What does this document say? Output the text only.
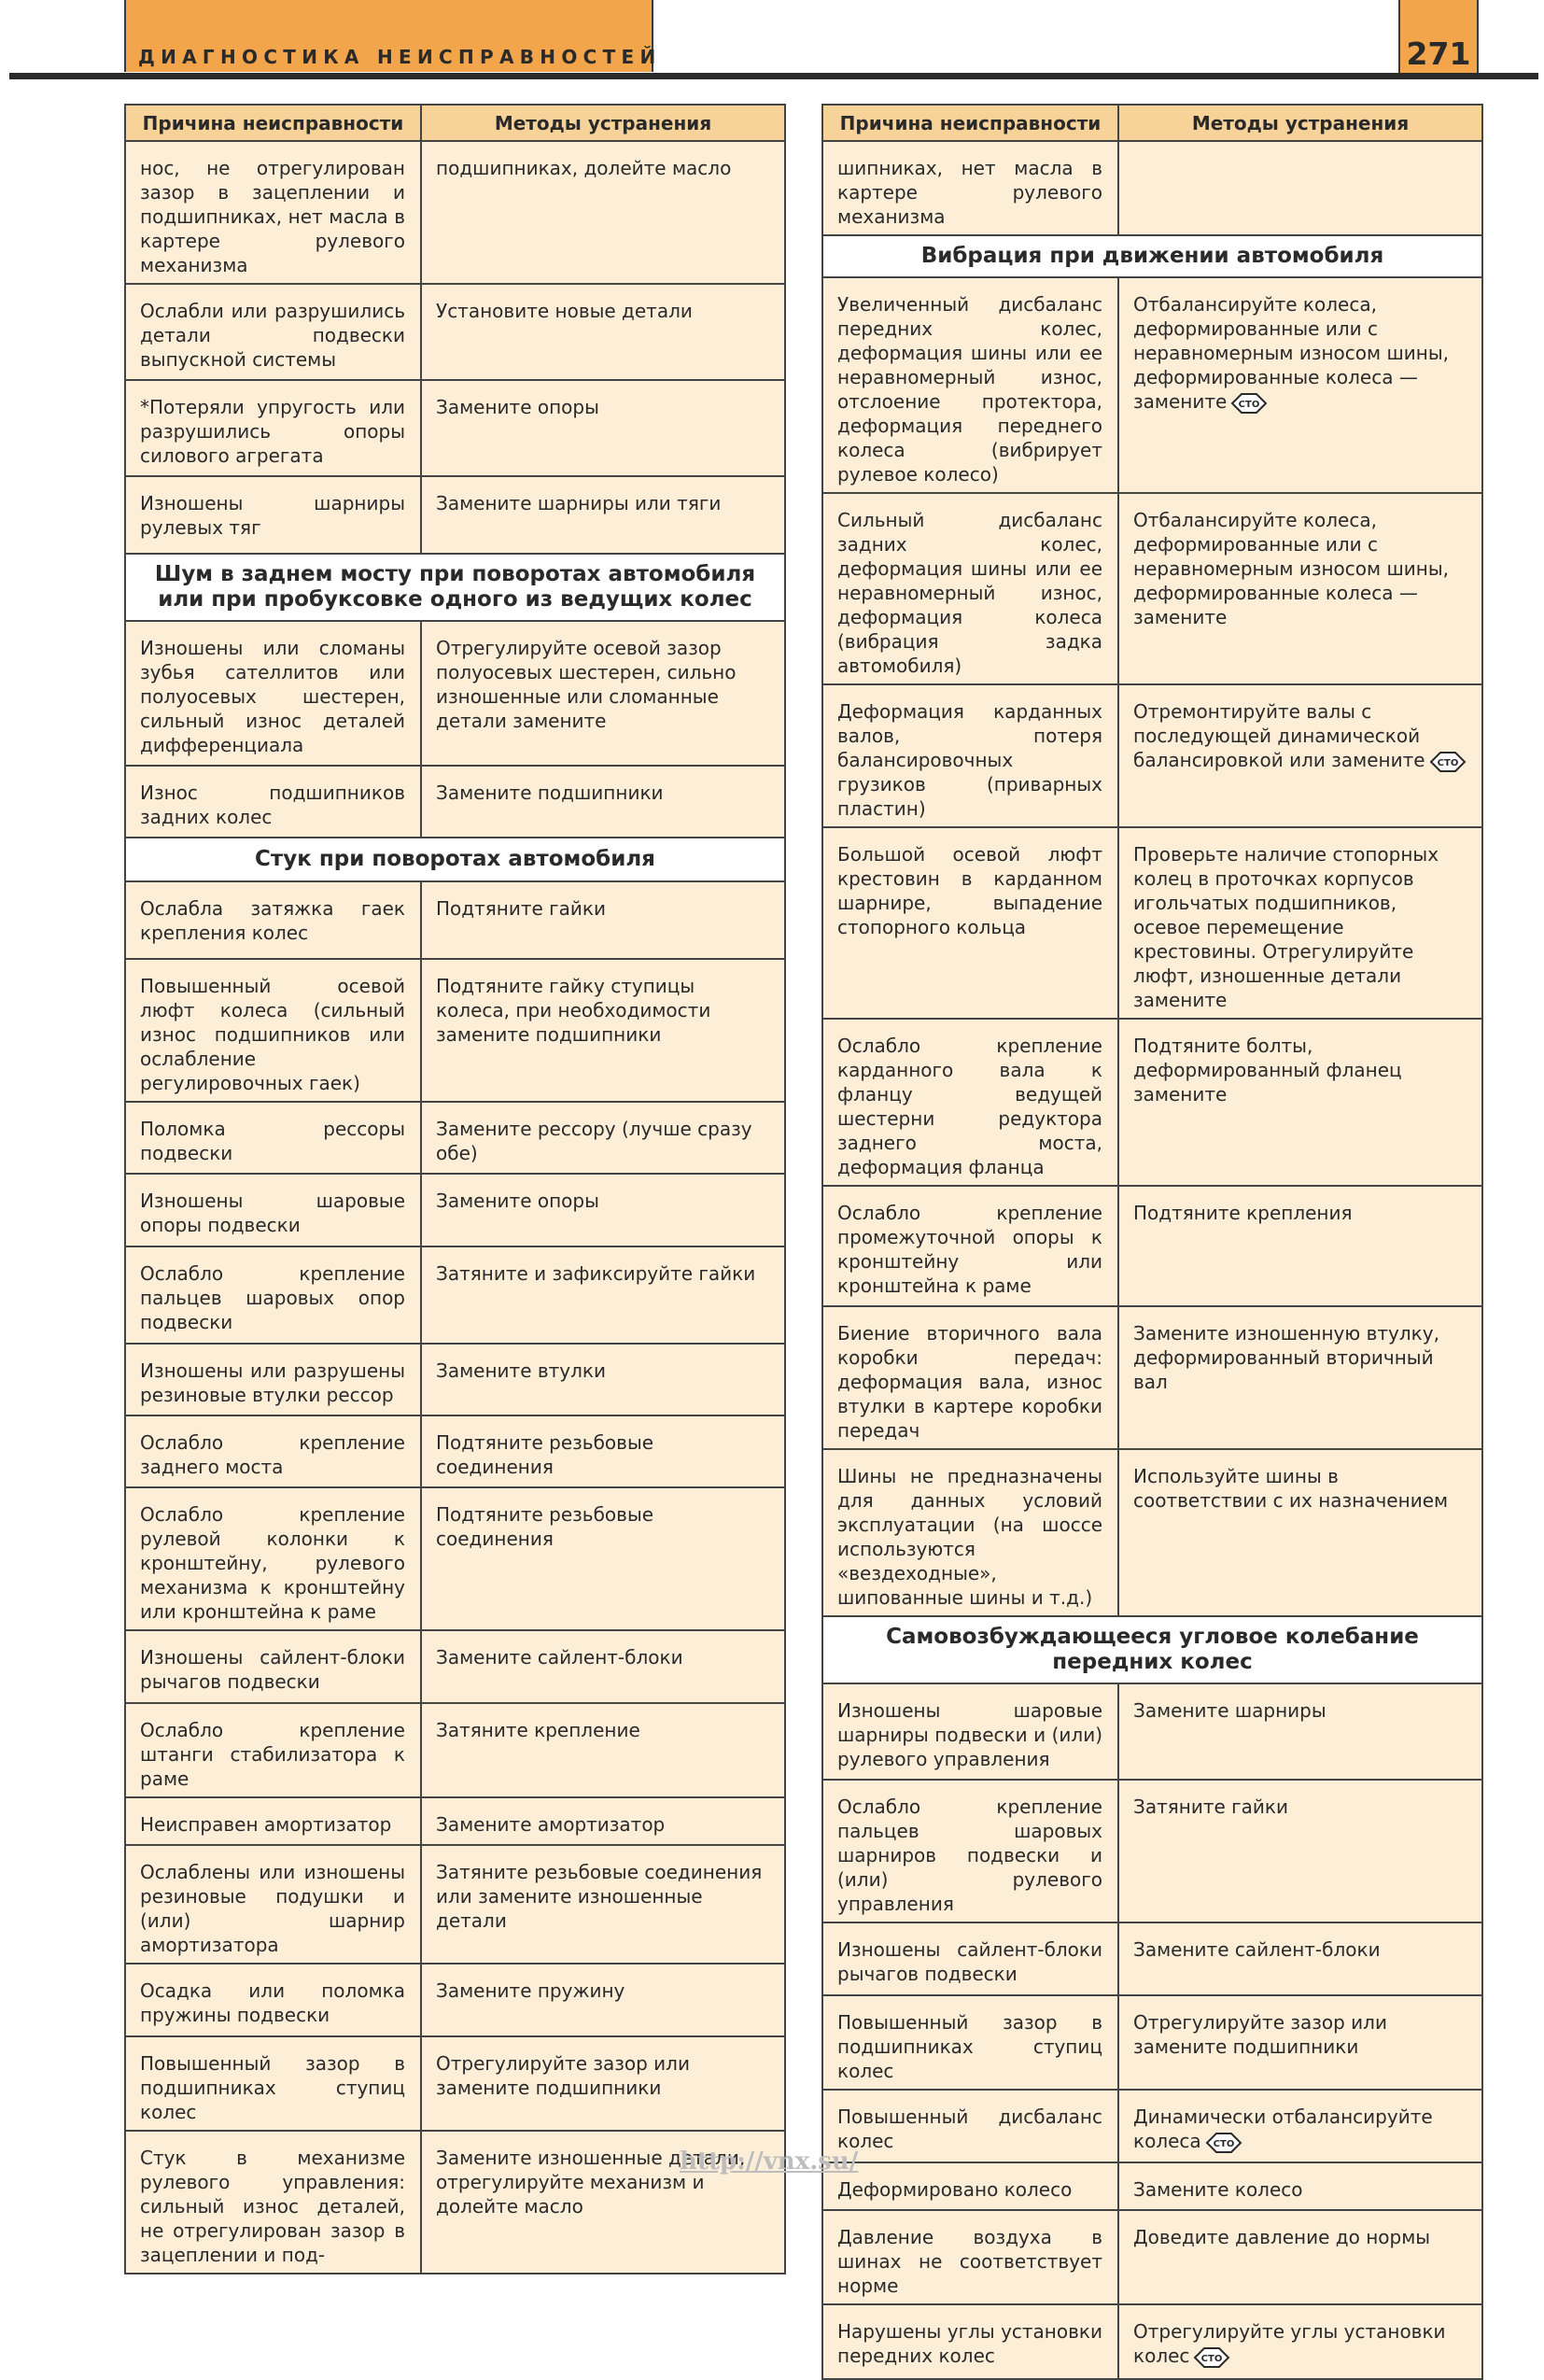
ДИАГНОСТИКА НЕИСПРАВНОСТЕЙ	271
Причина неисправности	Методы устранения
нос, не отрегулирован зазор в зацеплении и подшипниках, нет масла в картере рулевого механизма	подшипниках, долейте масло
Ослабли или разрушились детали подвески выпускной системы	Установите новые детали
*Потеряли упругость или разрушились опоры силового агрегата	Замените опоры
Изношены шарниры рулевых тяг	Замените шарниры или тяги
Шум в заднем мосту при поворотах автомобиля или при пробуксовке одного из ведущих колес	
Изношены или сломаны зубья сателлитов или полуосевых шестерен, сильный износ деталей дифференциала	Отрегулируйте осевой зазор полуосевых шестерен, сильно изношенные или сломанные детали замените
Износ подшипников задних колес	Замените подшипники
Стук при поворотах автомобиля	
Ослабла затяжка гаек крепления колес	Подтяните гайки
Повышенный осевой люфт колеса (сильный износ подшипников или ослабление регулировочных гаек)	Подтяните гайку ступицы колеса, при необходимости замените подшипники
Поломка рессоры подвески	Замените рессору (лучше сразу обе)
Изношены шаровые опоры подвески	Замените опоры
Ослабло крепление пальцев шаровых опор подвески	Затяните и зафиксируйте гайки
Изношены или разрушены резиновые втулки рессор	Замените втулки
Ослабло крепление заднего моста	Подтяните резьбовые соединения
Ослабло крепление рулевой колонки к кронштейну, рулевого механизма к кронштейну или кронштейна к раме	Подтяните резьбовые соединения
Изношены сайлент-блоки рычагов подвески	Замените сайлент-блоки
Ослабло крепление штанги стабилизатора к раме	Затяните крепление
Неисправен амортизатор	Замените амортизатор
Ослаблены или изношены резиновые подушки и (или) шарнир амортизатора	Затяните резьбовые соединения или замените изношенные детали
Осадка или поломка пружины подвески	Замените пружину
Повышенный зазор в подшипниках ступиц колес	Отрегулируйте зазор или замените подшипники
Стук в механизме рулевого управления: сильный износ деталей, не отрегулирован зазор в зацеплении и под-	Замените изношенные детали, отрегулируйте механизм и долейте масло
Причина неисправности	Методы устранения
шипниках, нет масла в картере рулевого механизма	
Вибрация при движении автомобиля	
Увеличенный дисбаланс передних колес, деформация шины или ее неравномерный износ, отслоение протектора, деформация переднего колеса (вибрирует рулевое колесо)	Отбалансируйте колеса, деформированные или с неравномерным износом шины, деформированные колеса — замените СТО

Сильный дисбаланс задних колес, деформация шины или ее неравномерный износ, деформация колеса (вибрация задка автомобиля)	Отбалансируйте колеса, деформированные или с неравномерным износом шины, деформированные колеса — замените
Деформация карданных валов, потеря балансировочных грузиков (приварных пластин)	Отремонтируйте валы с последующей динамической балансировкой или замените СТО

Большой осевой люфт крестовин в карданном шарнире, выпадение стопорного кольца	Проверьте наличие стопорных колец в проточках корпусов игольчатых подшипников, осевое перемещение крестовины. Отрегулируйте люфт, изношенные детали замените
Ослабло крепление карданного вала к фланцу ведущей шестерни редуктора заднего моста, деформация фланца	Подтяните болты, деформированный фланец замените
Ослабло крепление промежуточной опоры к кронштейну или кронштейна к раме	Подтяните крепления
Биение вторичного вала коробки передач: деформация вала, износ втулки в картере коробки передач	Замените изношенную втулку, деформированный вторичный вал
Шины не предназначены для данных условий эксплуатации (на шоссе используются «вездеходные», шипованные шины и т.д.)	Используйте шины в соответствии с их назначением
Самовозбуждающееся угловое колебание передних колес	
Изношены шаровые шарниры подвески и (или) рулевого управления	Замените шарниры
Ослабло крепление пальцев шаровых шарниров подвески и (или) рулевого управления	Затяните гайки
Изношены сайлент-блоки рычагов подвески	Замените сайлент-блоки
Повышенный зазор в подшипниках ступиц колес	Отрегулируйте зазор или замените подшипники
Повышенный дисбаланс колес	Динамически отбалансируйте колеса СТО

Деформировано колесо	Замените колесо
Давление воздуха в шинах не соответствует норме	Доведите давление до нормы
Нарушены углы установки передних колес	Отрегулируйте углы установки колес СТО
http://vnx.su/
